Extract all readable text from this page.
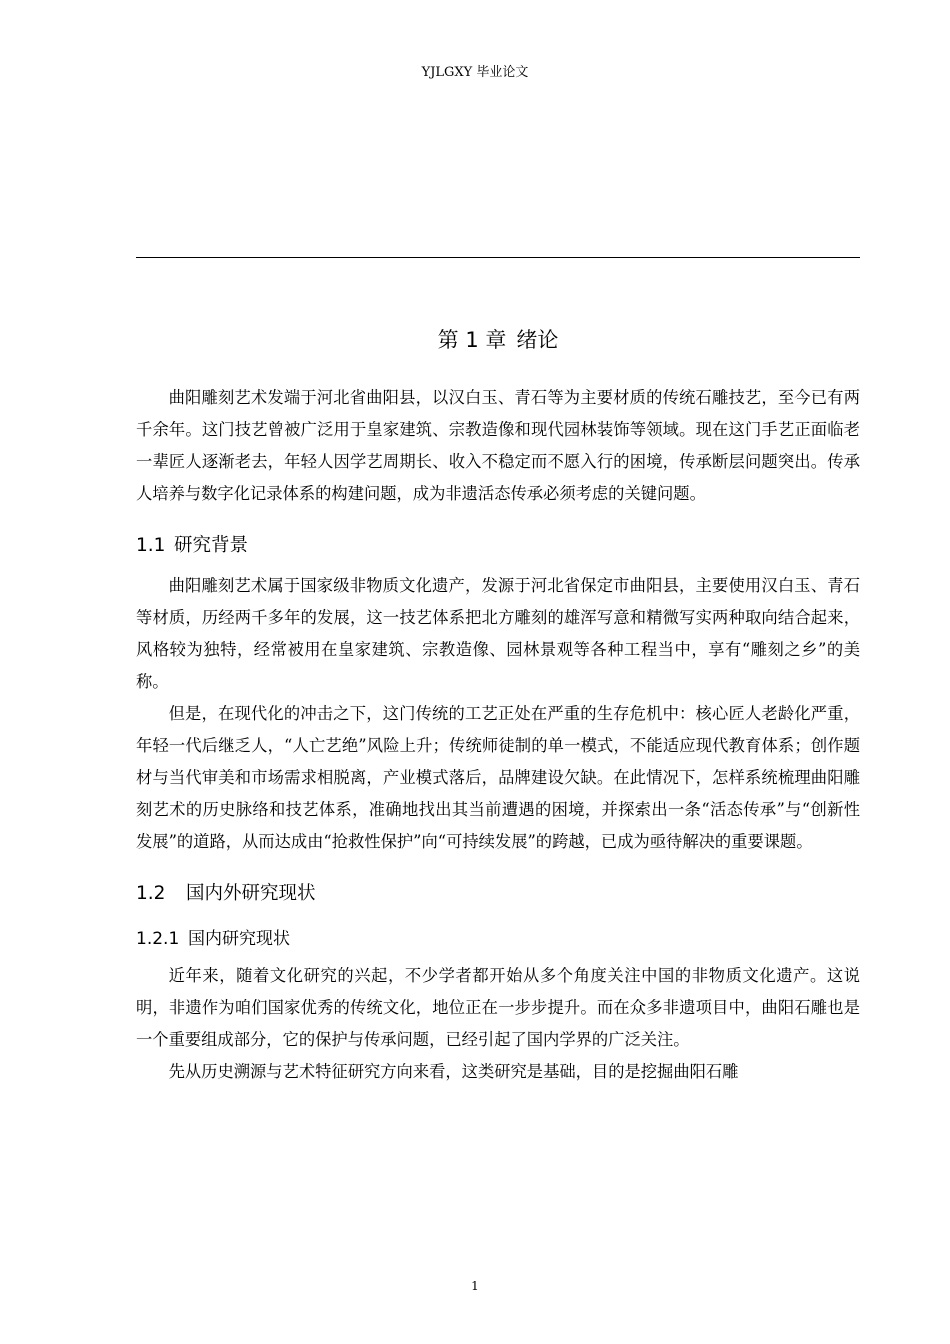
YJLGXY 毕业论文
第 1 章 绪论

曲阳雕刻艺术发端于河北省曲阳县，以汉白玉、青石等为主要材质的传统石雕技艺，至今已有两千余年。这门技艺曾被广泛用于皇家建筑、宗教造像和现代园林装饰等领域。现在这门手艺正面临老一辈匠人逐渐老去，年轻人因学艺周期长、收入不稳定而不愿入行的困境，传承断层问题突出。传承人培养与数字化记录体系的构建问题，成为非遗活态传承必须考虑的关键问题。

1.1 研究背景

曲阳雕刻艺术属于国家级非物质文化遗产，发源于河北省保定市曲阳县，主要使用汉白玉、青石等材质，历经两千多年的发展，这一技艺体系把北方雕刻的雄浑写意和精微写实两种取向结合起来，风格较为独特，经常被用在皇家建筑、宗教造像、园林景观等各种工程当中，享有“雕刻之乡”的美称。

但是，在现代化的冲击之下，这门传统的工艺正处在严重的生存危机中：核心匠人老龄化严重，年轻一代后继乏人，“人亡艺绝”风险上升；传统师徒制的单一模式，不能适应现代教育体系；创作题材与当代审美和市场需求相脱离，产业模式落后，品牌建设欠缺。在此情况下，怎样系统梳理曲阳雕刻艺术的历史脉络和技艺体系，准确地找出其当前遭遇的困境，并探索出一条“活态传承”与“创新性发展”的道路，从而达成由“抢救性保护”向“可持续发展”的跨越，已成为亟待解决的重要课题。

1.2 国内外研究现状
1.2.1 国内研究现状

近年来，随着文化研究的兴起，不少学者都开始从多个角度关注中国的非物质文化遗产。这说明，非遗作为咱们国家优秀的传统文化，地位正在一步步提升。而在众多非遗项目中，曲阳石雕也是一个重要组成部分，它的保护与传承问题，已经引起了国内学界的广泛关注。

先从历史溯源与艺术特征研究方向来看，这类研究是基础，目的是挖掘曲阳石雕

1
